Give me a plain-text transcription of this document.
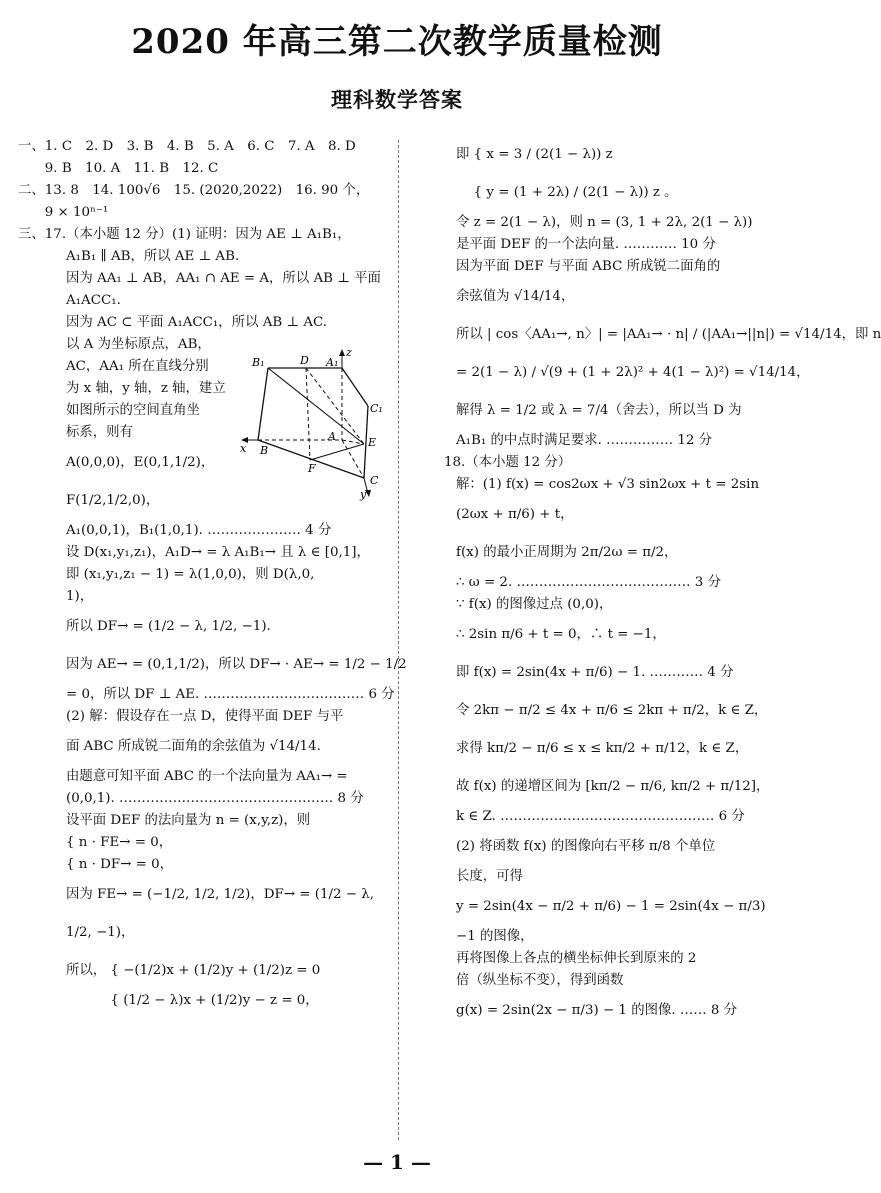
2020 年高三第二次教学质量检测
理科数学答案
一、1. C　2. D　3. B　4. B　5. A　6. C　7. A　8. D
　　9. B　10. A　11. B　12. C
二、13. 8　14. 100√6　15. (2020,2022)　16. 90 个，
　　9 × 10ⁿ⁻¹
三、17.（本小题 12 分）(1) 证明：因为 AE ⊥ A₁B₁，
A₁B₁ ∥ AB，所以 AE ⊥ AB.
因为 AA₁ ⊥ AB，AA₁ ∩ AE = A，所以 AB ⊥ 平面
A₁ACC₁.
因为 AC ⊂ 平面 A₁ACC₁，所以 AB ⊥ AC.
以 A 为坐标原点，AB，
AC，AA₁ 所在直线分别
为 x 轴，y 轴，z 轴，建立
如图所示的空间直角坐
标系，则有
A(0,0,0)，E(0,1,1/2)，
F(1/2,1/2,0)，
A₁(0,0,1)，B₁(1,0,1). ………………… 4 分
设 D(x₁,y₁,z₁)，A₁D→ = λ A₁B₁→ 且 λ ∈ [0,1]，
即 (x₁,y₁,z₁ − 1) = λ(1,0,0)，则 D(λ,0,
1)，
所以 DF→ = (1/2 − λ, 1/2, −1).
因为 AE→ = (0,1,1/2)，所以 DF→ · AE→ = 1/2 − 1/2
= 0，所以 DF ⊥ AE. ……………………………… 6 分
(2) 解：假设存在一点 D，使得平面 DEF 与平
面 ABC 所成锐二面角的余弦值为 √14/14.
由题意可知平面 ABC 的一个法向量为 AA₁→ =
(0,0,1). ………………………………………… 8 分
设平面 DEF 的法向量为 n = (x,y,z)，则
{ n · FE→ = 0，
{ n · DF→ = 0，
因为 FE→ = (−1/2, 1/2, 1/2)，DF→ = (1/2 − λ,
1/2, −1)，
所以， { −(1/2)x + (1/2)y + (1/2)z = 0
　　　 { (1/2 − λ)x + (1/2)y − z = 0，
B₁	D A₁
z
C₁
E
A
x B
F
C
y
即 { x = 3 / (2(1 − λ)) z
　 { y = (1 + 2λ) / (2(1 − λ)) z 。
令 z = 2(1 − λ)，则 n = (3, 1 + 2λ, 2(1 − λ))
是平面 DEF 的一个法向量. ………… 10 分
因为平面 DEF 与平面 ABC 所成锐二面角的
余弦值为 √14/14，
所以 | cos〈AA₁→, n〉| = |AA₁→ · n| / (|AA₁→||n|) = √14/14，即 n
= 2(1 − λ) / √(9 + (1 + 2λ)² + 4(1 − λ)²) = √14/14，
解得 λ = 1/2 或 λ = 7/4（舍去），所以当 D 为
A₁B₁ 的中点时满足要求. …………… 12 分
18.（本小题 12 分）
解：(1) f(x) = cos2ωx + √3 sin2ωx + t = 2sin
(2ωx + π/6) + t，
f(x) 的最小正周期为 2π/2ω = π/2，
∴ ω = 2. ………………………………… 3 分
∵ f(x) 的图像过点 (0,0)，
∴ 2sin π/6 + t = 0，∴ t = −1，
即 f(x) = 2sin(4x + π/6) − 1. ………… 4 分
令 2kπ − π/2 ≤ 4x + π/6 ≤ 2kπ + π/2，k ∈ Z，
求得 kπ/2 − π/6 ≤ x ≤ kπ/2 + π/12，k ∈ Z，
故 f(x) 的递增区间为 [kπ/2 − π/6, kπ/2 + π/12]，
k ∈ Z. ………………………………………… 6 分
(2) 将函数 f(x) 的图像向右平移 π/8 个单位
长度，可得
y = 2sin(4x − π/2 + π/6) − 1 = 2sin(4x − π/3)
−1 的图像，
再将图像上各点的横坐标伸长到原来的 2
倍（纵坐标不变），得到函数
g(x) = 2sin(2x − π/3) − 1 的图像. …… 8 分
— 1 —
